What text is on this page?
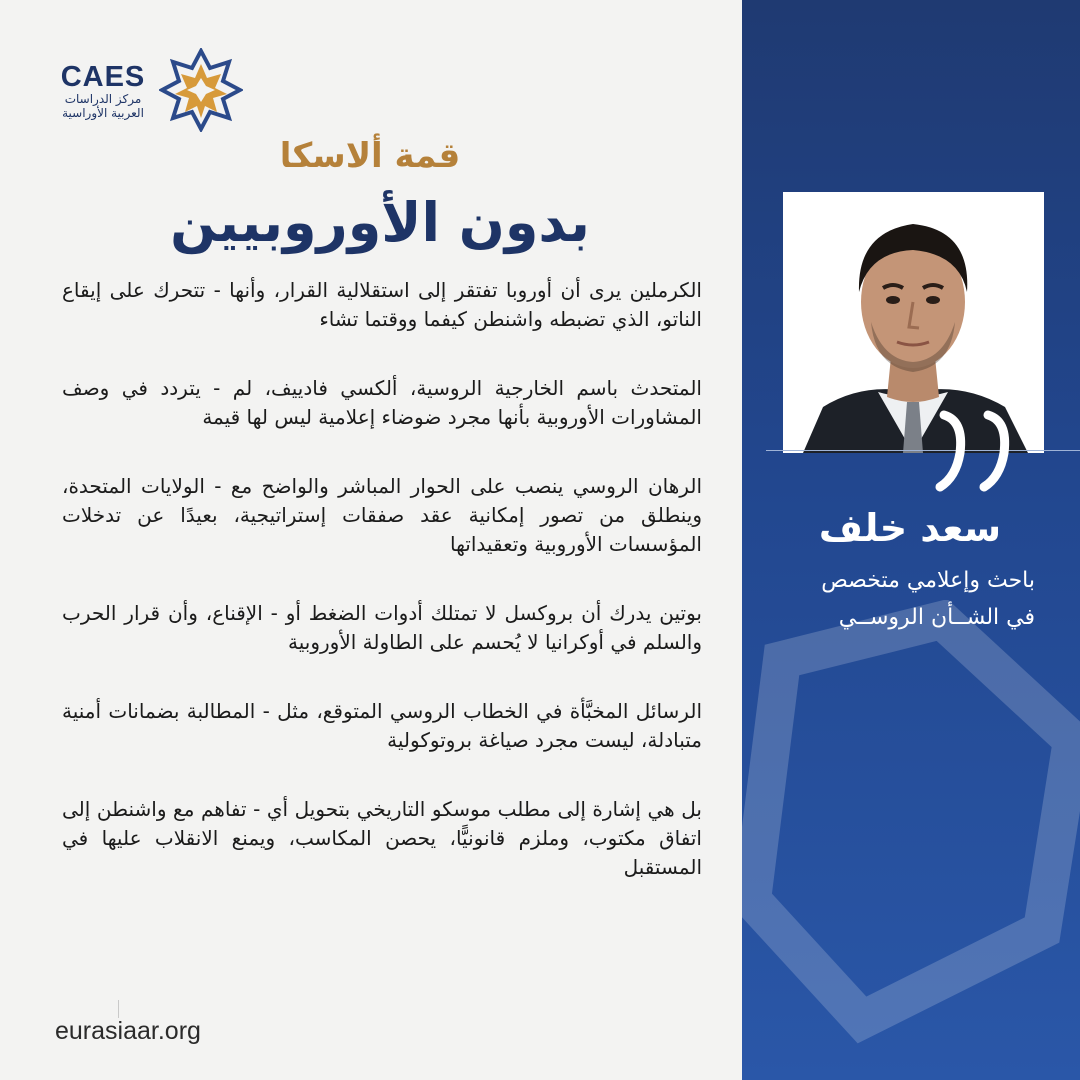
CAES
مركز الدراسات
العربية الأوراسية
قمة ألاسكا
بدون الأوروبيين

الكرملين يرى أن أوروبا تفتقر إلى استقلالية القرار، وأنها - تتحرك على إيقاع الناتو، الذي تضبطه واشنطن كيفما ووقتما تشاء

المتحدث باسم الخارجية الروسية، ألكسي فادييف، لم - يتردد في وصف المشاورات الأوروبية بأنها مجرد ضوضاء إعلامية ليس لها قيمة

الرهان الروسي ينصب على الحوار المباشر والواضح مع - الولايات المتحدة، وينطلق من تصور إمكانية عقد صفقات إستراتيجية، بعيدًا عن تدخلات المؤسسات الأوروبية وتعقيداتها

بوتين يدرك أن بروكسل لا تمتلك أدوات الضغط أو - الإقناع، وأن قرار الحرب والسلم في أوكرانيا لا يُحسم على الطاولة الأوروبية

الرسائل المخبَّأة في الخطاب الروسي المتوقع، مثل - المطالبة بضمانات أمنية متبادلة، ليست مجرد صياغة بروتوكولية

بل هي إشارة إلى مطلب موسكو التاريخي بتحويل أي - تفاهم مع واشنطن إلى اتفاق مكتوب، وملزم قانونيًّا، يحصن المكاسب، ويمنع الانقلاب عليها في المستقبل

eurasiaar.org
سعد خلف
باحث وإعلامي متخصص
في الشــأن الروســي
